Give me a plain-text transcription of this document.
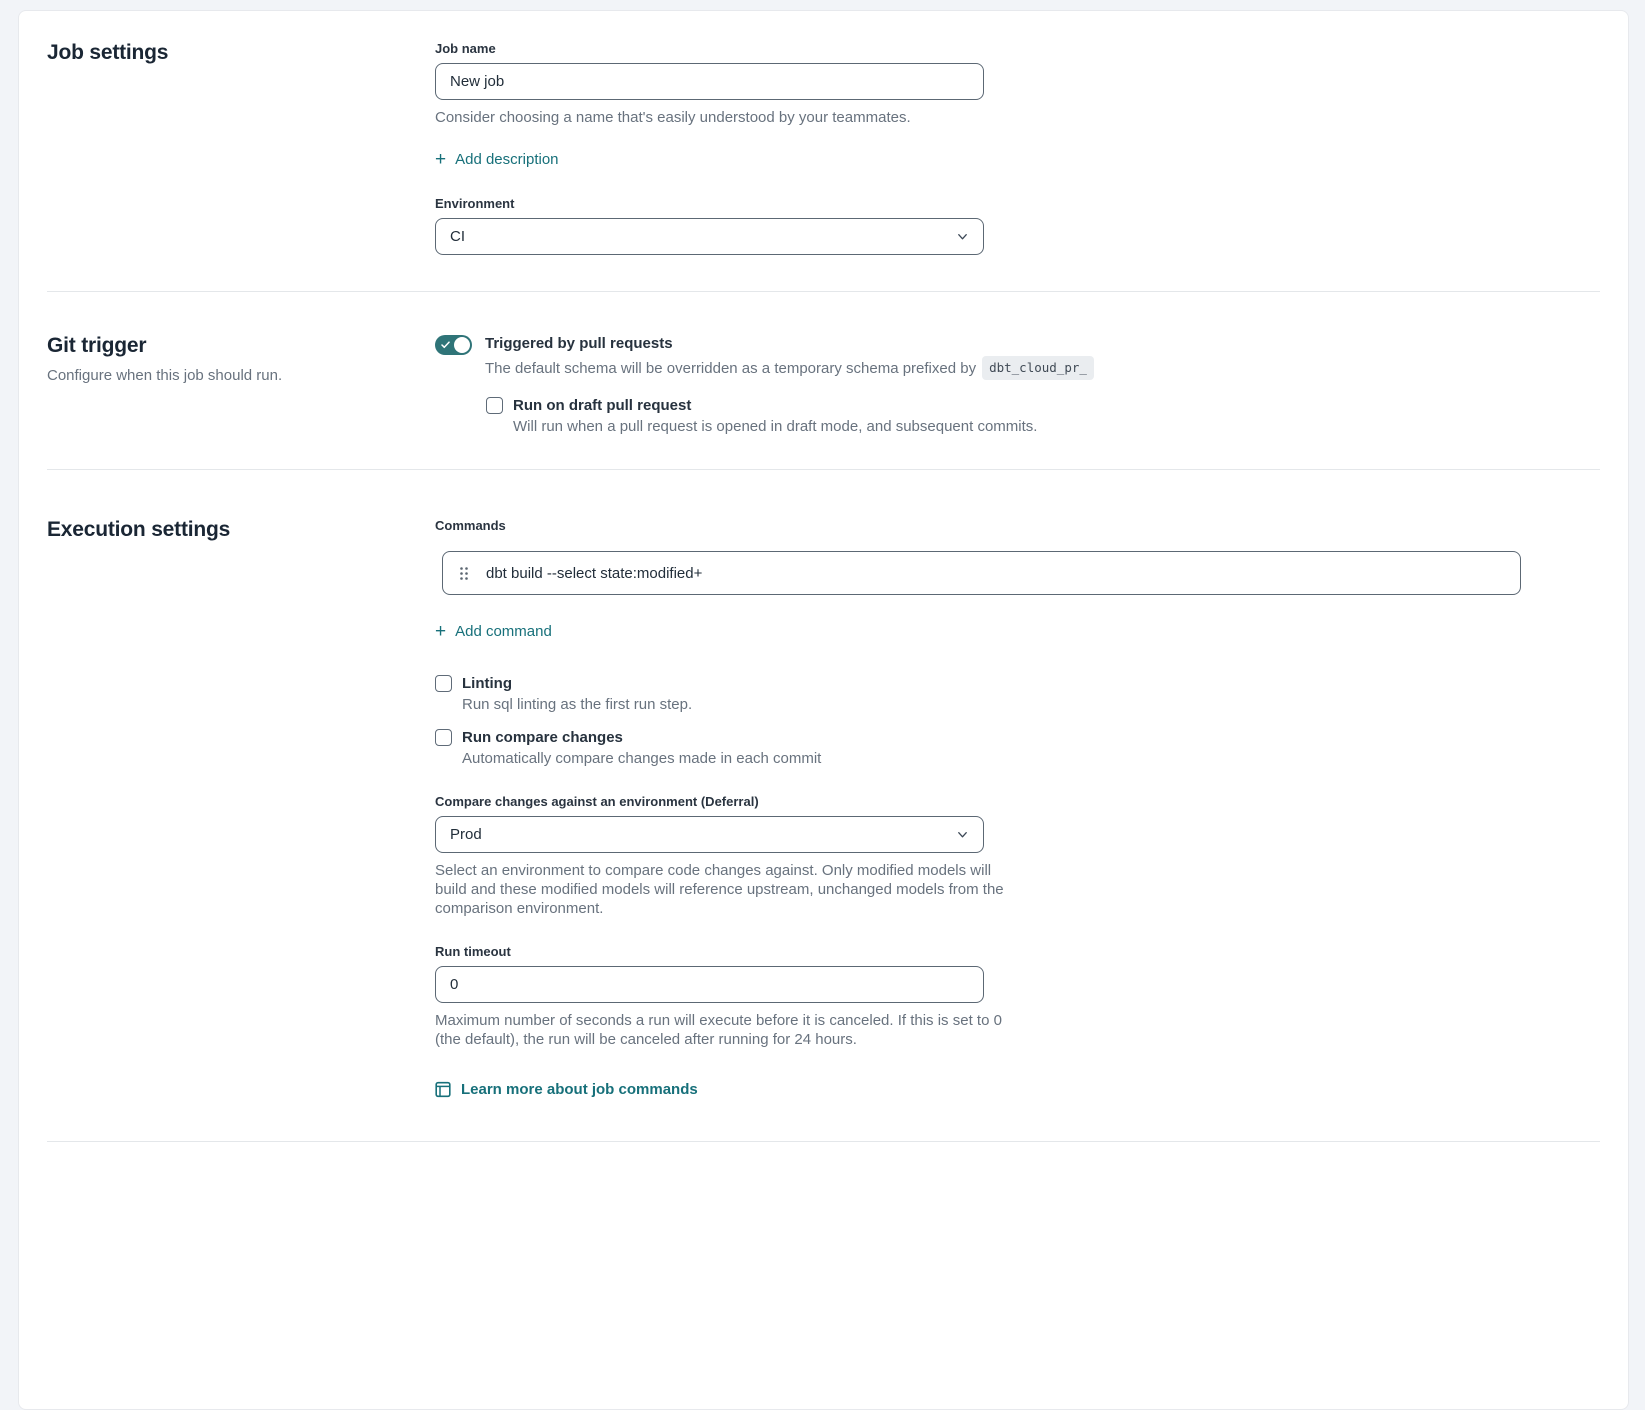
Job settings	Job name
New job
Consider choosing a name that's easily understood by your teammates.
+ Add description
Environment
CI
Git trigger
Configure when this job should run.
Triggered by pull requests
The default schema will be overridden as a temporary schema prefixed by	dbt_cloud_pr_
Run on draft pull request
Will run when a pull request is opened in draft mode, and subsequent commits.
Execution settings	Commands
dbt build --select state:modified+
+ Add command
Linting
Run sql linting as the first run step.
Run compare changes
Automatically compare changes made in each commit
Compare changes against an environment (Deferral)
Prod
Select an environment to compare code changes against. Only modified models will build and these modified models will reference upstream, unchanged models from the comparison environment.
Run timeout
0
Maximum number of seconds a run will execute before it is canceled. If this is set to 0 (the default), the run will be canceled after running for 24 hours.
Learn more about job commands
